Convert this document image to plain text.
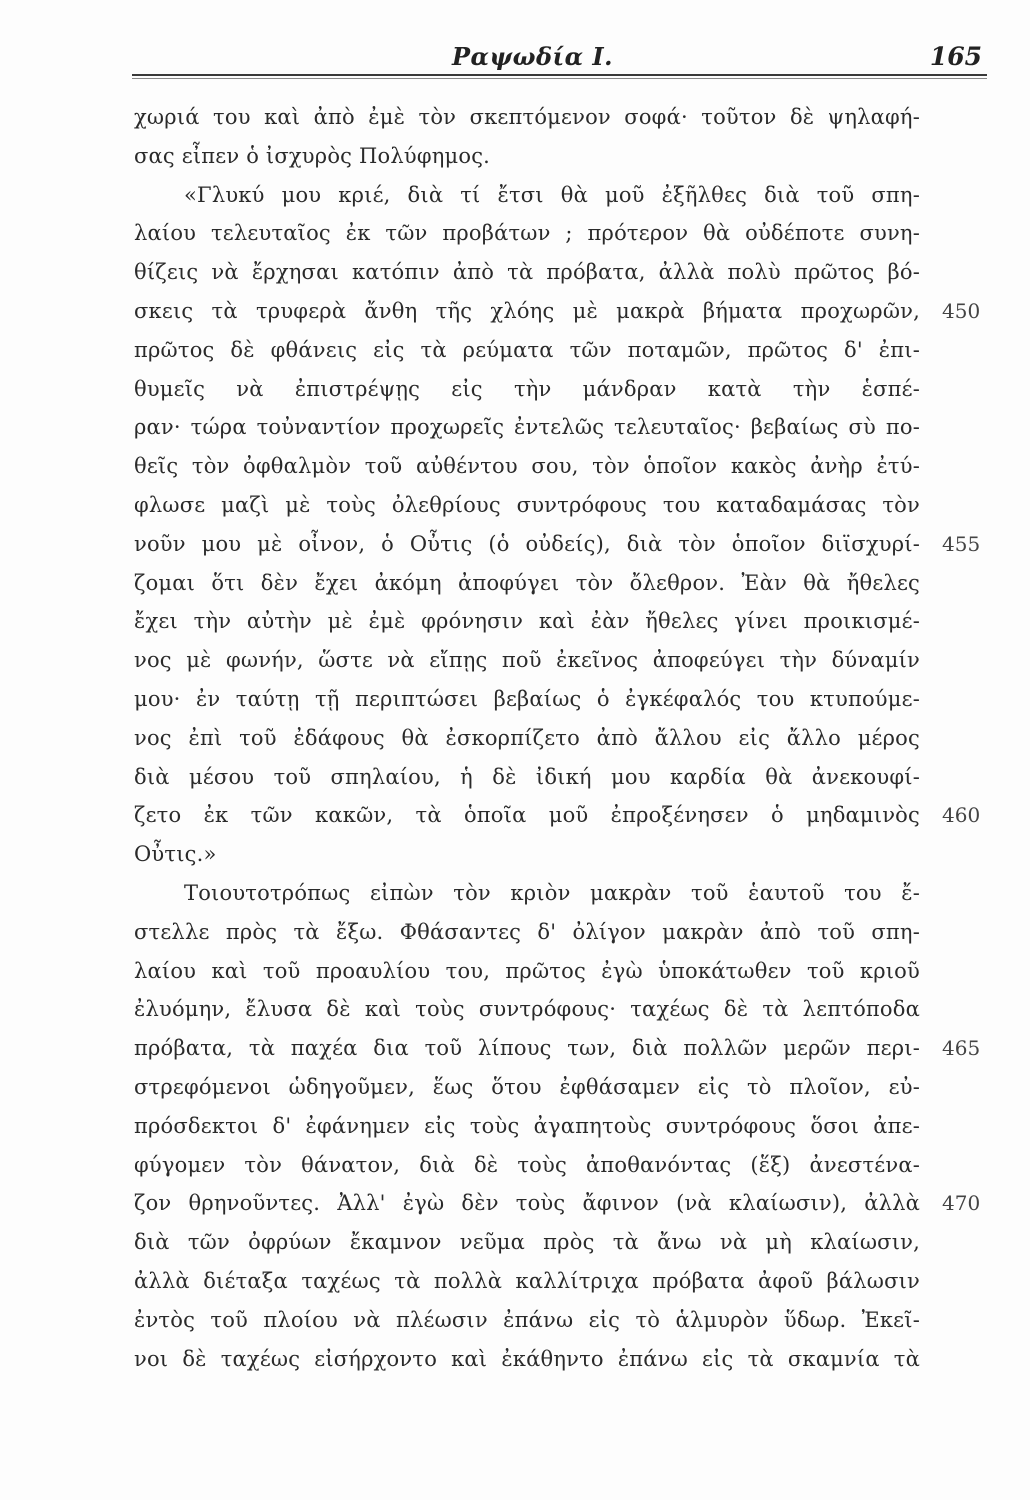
Ραψωδία Ι.	165
χωριά του καὶ ἀπὸ ἐμὲ τὸν σκεπτόμενον σοφά· τοῦτον δὲ ψηλαφή-
σας εἶπεν ὁ ἰσχυρὸς Πολύφημος.
«Γλυκύ μου κριέ, διὰ τί ἔτσι θὰ μοῦ ἐξῆλθες διὰ τοῦ σπη-
λαίου τελευταῖος ἐκ τῶν προβάτων ; πρότερον θὰ οὐδέποτε συνη-
θίζεις νὰ ἔρχησαι κατόπιν ἀπὸ τὰ πρόβατα, ἀλλὰ πολὺ πρῶτος βό-
σκεις τὰ τρυφερὰ ἄνθη τῆς χλόης μὲ μακρὰ βήματα προχωρῶν, 450
πρῶτος δὲ φθάνεις εἰς τὰ ρεύματα τῶν ποταμῶν, πρῶτος δ' ἐπι-
θυμεῖς νὰ ἐπιστρέψῃς εἰς τὴν μάνδραν κατὰ τὴν ἑσπέ-
ραν· τώρα τοὐναντίον προχωρεῖς ἐντελῶς τελευταῖος· βεβαίως σὺ πο-
θεῖς τὸν ὀφθαλμὸν τοῦ αὐθέντου σου, τὸν ὁποῖον κακὸς ἀνὴρ ἐτύ-
φλωσε μαζὶ μὲ τοὺς ὀλεθρίους συντρόφους του καταδαμάσας τὸν
νοῦν μου μὲ οἶνον, ὁ Οὖτις (ὁ οὐδείς), διὰ τὸν ὁποῖον διϊσχυρί- 455
ζομαι ὅτι δὲν ἔχει ἀκόμη ἀποφύγει τὸν ὄλεθρον. Ἐὰν θὰ ἤθελες
ἔχει τὴν αὐτὴν μὲ ἐμὲ φρόνησιν καὶ ἐὰν ἤθελες γίνει προικισμέ-
νος μὲ φωνήν, ὥστε νὰ εἴπῃς ποῦ ἐκεῖνος ἀποφεύγει τὴν δύναμίν
μου· ἐν ταύτῃ τῇ περιπτώσει βεβαίως ὁ ἐγκέφαλός του κτυπούμε-
νος ἐπὶ τοῦ ἐδάφους θὰ ἐσκορπίζετο ἀπὸ ἄλλου εἰς ἄλλο μέρος
διὰ μέσου τοῦ σπηλαίου, ἡ δὲ ἰδική μου καρδία θὰ ἀνεκουφί-
ζετο ἐκ τῶν κακῶν, τὰ ὁποῖα μοῦ ἐπροξένησεν ὁ μηδαμινὸς 460
Οὖτις.»
Τοιουτοτρόπως εἰπὼν τὸν κριὸν μακρὰν τοῦ ἑαυτοῦ του ἔ-
στελλε πρὸς τὰ ἔξω. Φθάσαντες δ' ὀλίγον μακρὰν ἀπὸ τοῦ σπη-
λαίου καὶ τοῦ προαυλίου του, πρῶτος ἐγὼ ὑποκάτωθεν τοῦ κριοῦ
ἐλυόμην, ἔλυσα δὲ καὶ τοὺς συντρόφους· ταχέως δὲ τὰ λεπτόποδα
πρόβατα, τὰ παχέα δια τοῦ λίπους των, διὰ πολλῶν μερῶν περι- 465
στρεφόμενοι ὡδηγοῦμεν, ἕως ὅτου ἐφθάσαμεν εἰς τὸ πλοῖον, εὐ-
πρόσδεκτοι δ' ἐφάνημεν εἰς τοὺς ἀγαπητοὺς συντρόφους ὅσοι ἀπε-
φύγομεν τὸν θάνατον, διὰ δὲ τοὺς ἀποθανόντας (ἕξ) ἀνεστένα-
ζον θρηνοῦντες. Ἀλλ' ἐγὼ δὲν τοὺς ἄφινον (νὰ κλαίωσιν), ἀλλὰ 470
διὰ τῶν ὀφρύων ἔκαμνον νεῦμα πρὸς τὰ ἄνω νὰ μὴ κλαίωσιν,
ἀλλὰ διέταξα ταχέως τὰ πολλὰ καλλίτριχα πρόβατα ἀφοῦ βάλωσιν
ἐντὸς τοῦ πλοίου νὰ πλέωσιν ἐπάνω εἰς τὸ ἁλμυρὸν ὕδωρ. Ἐκεῖ-
νοι δὲ ταχέως εἰσήρχοντο καὶ ἐκάθηντο ἐπάνω εἰς τὰ σκαμνία τὰ
